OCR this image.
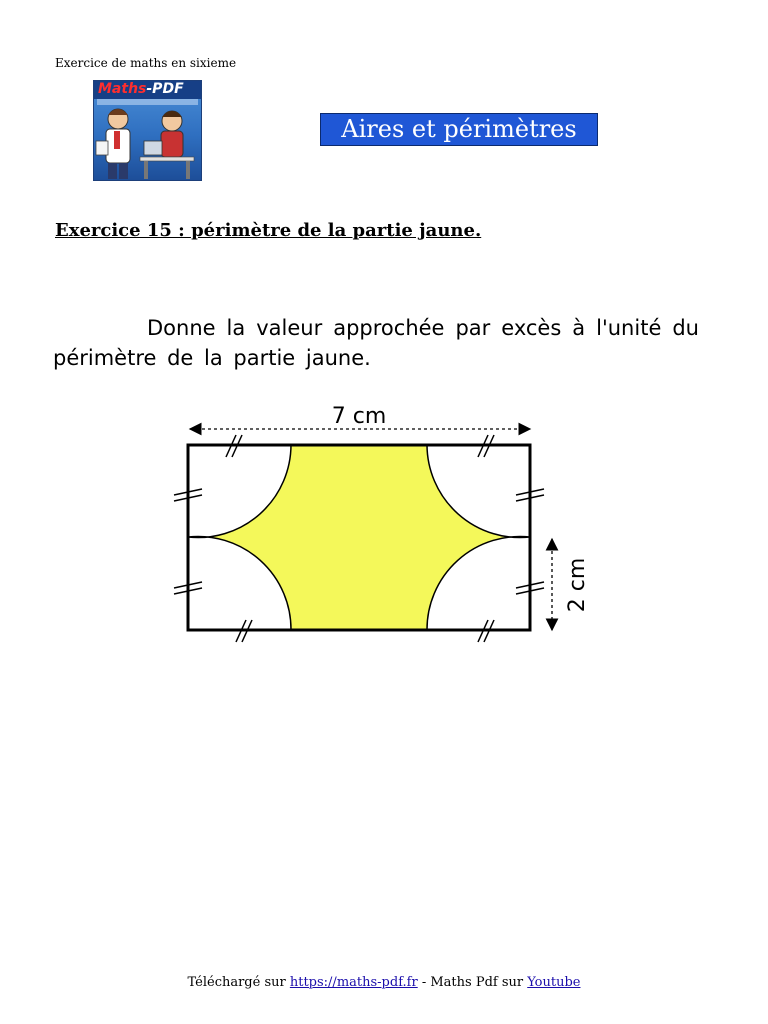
Exercice de maths en sixieme
Maths-PDF
Aires et périmètres
Exercice 15 : périmètre de la partie jaune.
Donne la valeur approchée par excès à l'unité du périmètre de la partie jaune.
7 cm
2 cm
Téléchargé sur https://maths-pdf.fr - Maths Pdf sur Youtube
